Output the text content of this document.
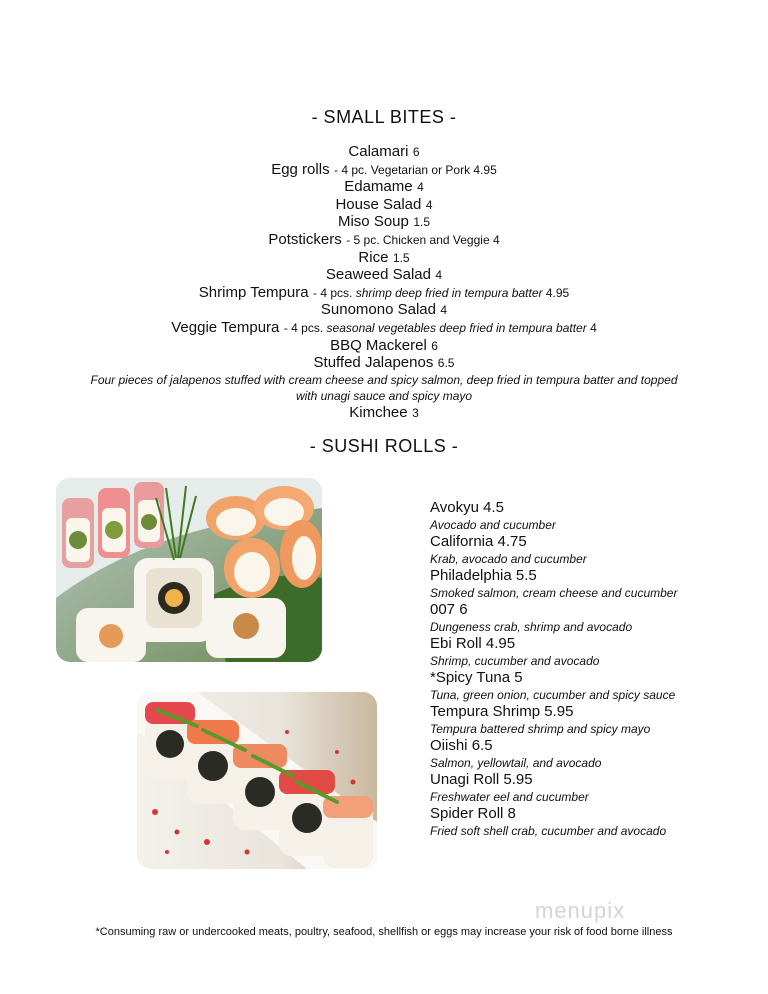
- SMALL BITES -
Calamari 6
Egg rolls - 4 pc. Vegetarian or Pork 4.95
Edamame 4
House Salad 4
Miso Soup 1.5
Potstickers - 5 pc. Chicken and Veggie 4
Rice 1.5
Seaweed Salad 4
Shrimp Tempura - 4 pcs. shrimp deep fried in tempura batter 4.95
Sunomono Salad 4
Veggie Tempura - 4 pcs. seasonal vegetables deep fried in tempura batter 4
BBQ Mackerel 6
Stuffed Jalapenos 6.5
Four pieces of jalapenos stuffed with cream cheese and spicy salmon, deep fried in tempura batter and topped with unagi sauce and spicy mayo
Kimchee 3
- SUSHI ROLLS -
Avokyu 4.5
Avocado and cucumber
California 4.75
Krab, avocado and cucumber
Philadelphia 5.5
Smoked salmon, cream cheese and cucumber
007 6
Dungeness crab, shrimp and avocado
Ebi Roll 4.95
Shrimp, cucumber and avocado
*Spicy Tuna 5
Tuna, green onion, cucumber and spicy sauce
Tempura Shrimp 5.95
Tempura battered shrimp and spicy mayo
Oiishi 6.5
Salmon, yellowtail, and avocado
Unagi Roll 5.95
Freshwater eel and cucumber
Spider Roll 8
Fried soft shell crab, cucumber and avocado
menupix
*Consuming raw or undercooked meats, poultry, seafood, shellfish or eggs may increase your risk of food borne illness
